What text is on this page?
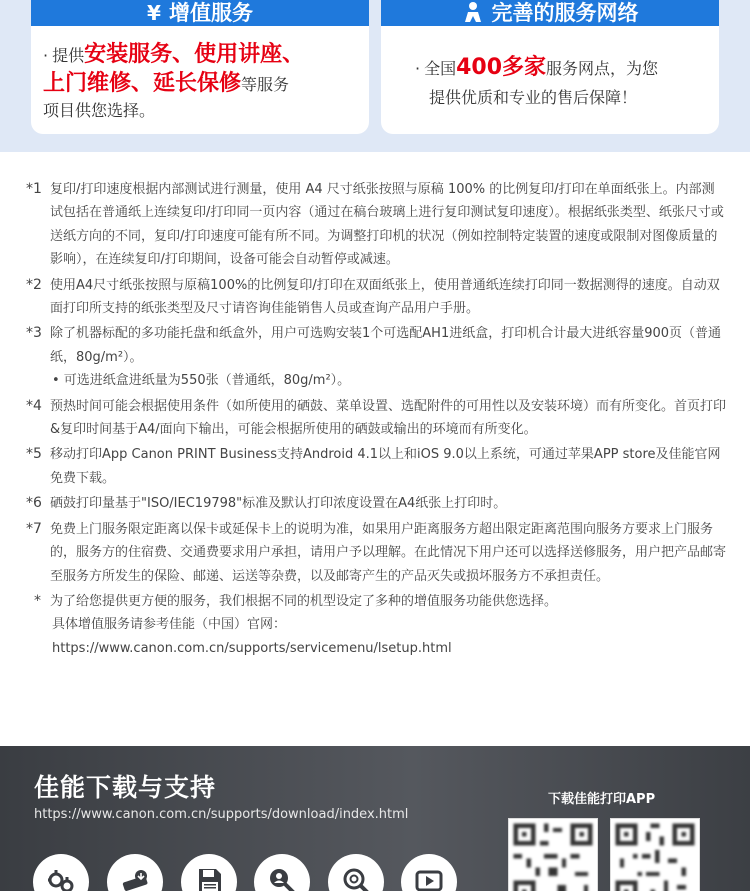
¥ 增值服务
· 提供安装服务、使用讲座、
上门维修、延长保修等服务
项目供您选择。
完善的服务网络
· 全国400多家服务网点，为您
提供优质和专业的售后保障！
*1 复印/打印速度根据内部测试进行测量，使用 A4 尺寸纸张按照与原稿 100% 的比例复印/打印在单面纸张上。内部测试包括在普通纸上连续复印/打印同一页内容（通过在稿台玻璃上进行复印测试复印速度）。根据纸张类型、纸张尺寸或送纸方向的不同，复印/打印速度可能有所不同。为调整打印机的状况（例如控制特定装置的速度或限制对图像质量的影响），在连续复印/打印期间，设备可能会自动暂停或减速。
*2 使用A4尺寸纸张按照与原稿100%的比例复印/打印在双面纸张上，使用普通纸连续打印同一数据测得的速度。自动双面打印所支持的纸张类型及尺寸请咨询佳能销售人员或查询产品用户手册。
*3 除了机器标配的多功能托盘和纸盒外，用户可选购安装1个可选配AH1进纸盒，打印机合计最大进纸容量900页（普通纸，80g/m²）。
• 可选进纸盒进纸量为550张（普通纸，80g/m²）。
*4 预热时间可能会根据使用条件（如所使用的硒鼓、菜单设置、选配附件的可用性以及安装环境）而有所变化。首页打印&复印时间基于A4/面向下输出，可能会根据所使用的硒鼓或输出的环境而有所变化。
*5 移动打印App Canon PRINT Business支持Android 4.1以上和iOS 9.0以上系统，可通过苹果APP store及佳能官网免费下载。
*6 硒鼓打印量基于"ISO/IEC19798"标准及默认打印浓度设置在A4纸张上打印时。
*7 免费上门服务限定距离以保卡或延保卡上的说明为准，如果用户距离服务方超出限定距离范围向服务方要求上门服务的，服务方的住宿费、交通费要求用户承担，请用户予以理解。在此情况下用户还可以选择送修服务，用户把产品邮寄至服务方所发生的保险、邮递、运送等杂费，以及邮寄产生的产品灭失或损坏服务方不承担责任。
* 为了给您提供更方便的服务，我们根据不同的机型设定了多种的增值服务功能供您选择。
具体增值服务请参考佳能（中国）官网：
https://www.canon.com.cn/supports/servicemenu/lsetup.html
佳能下载与支持
https://www.canon.com.cn/supports/download/index.html
下载佳能打印APP
